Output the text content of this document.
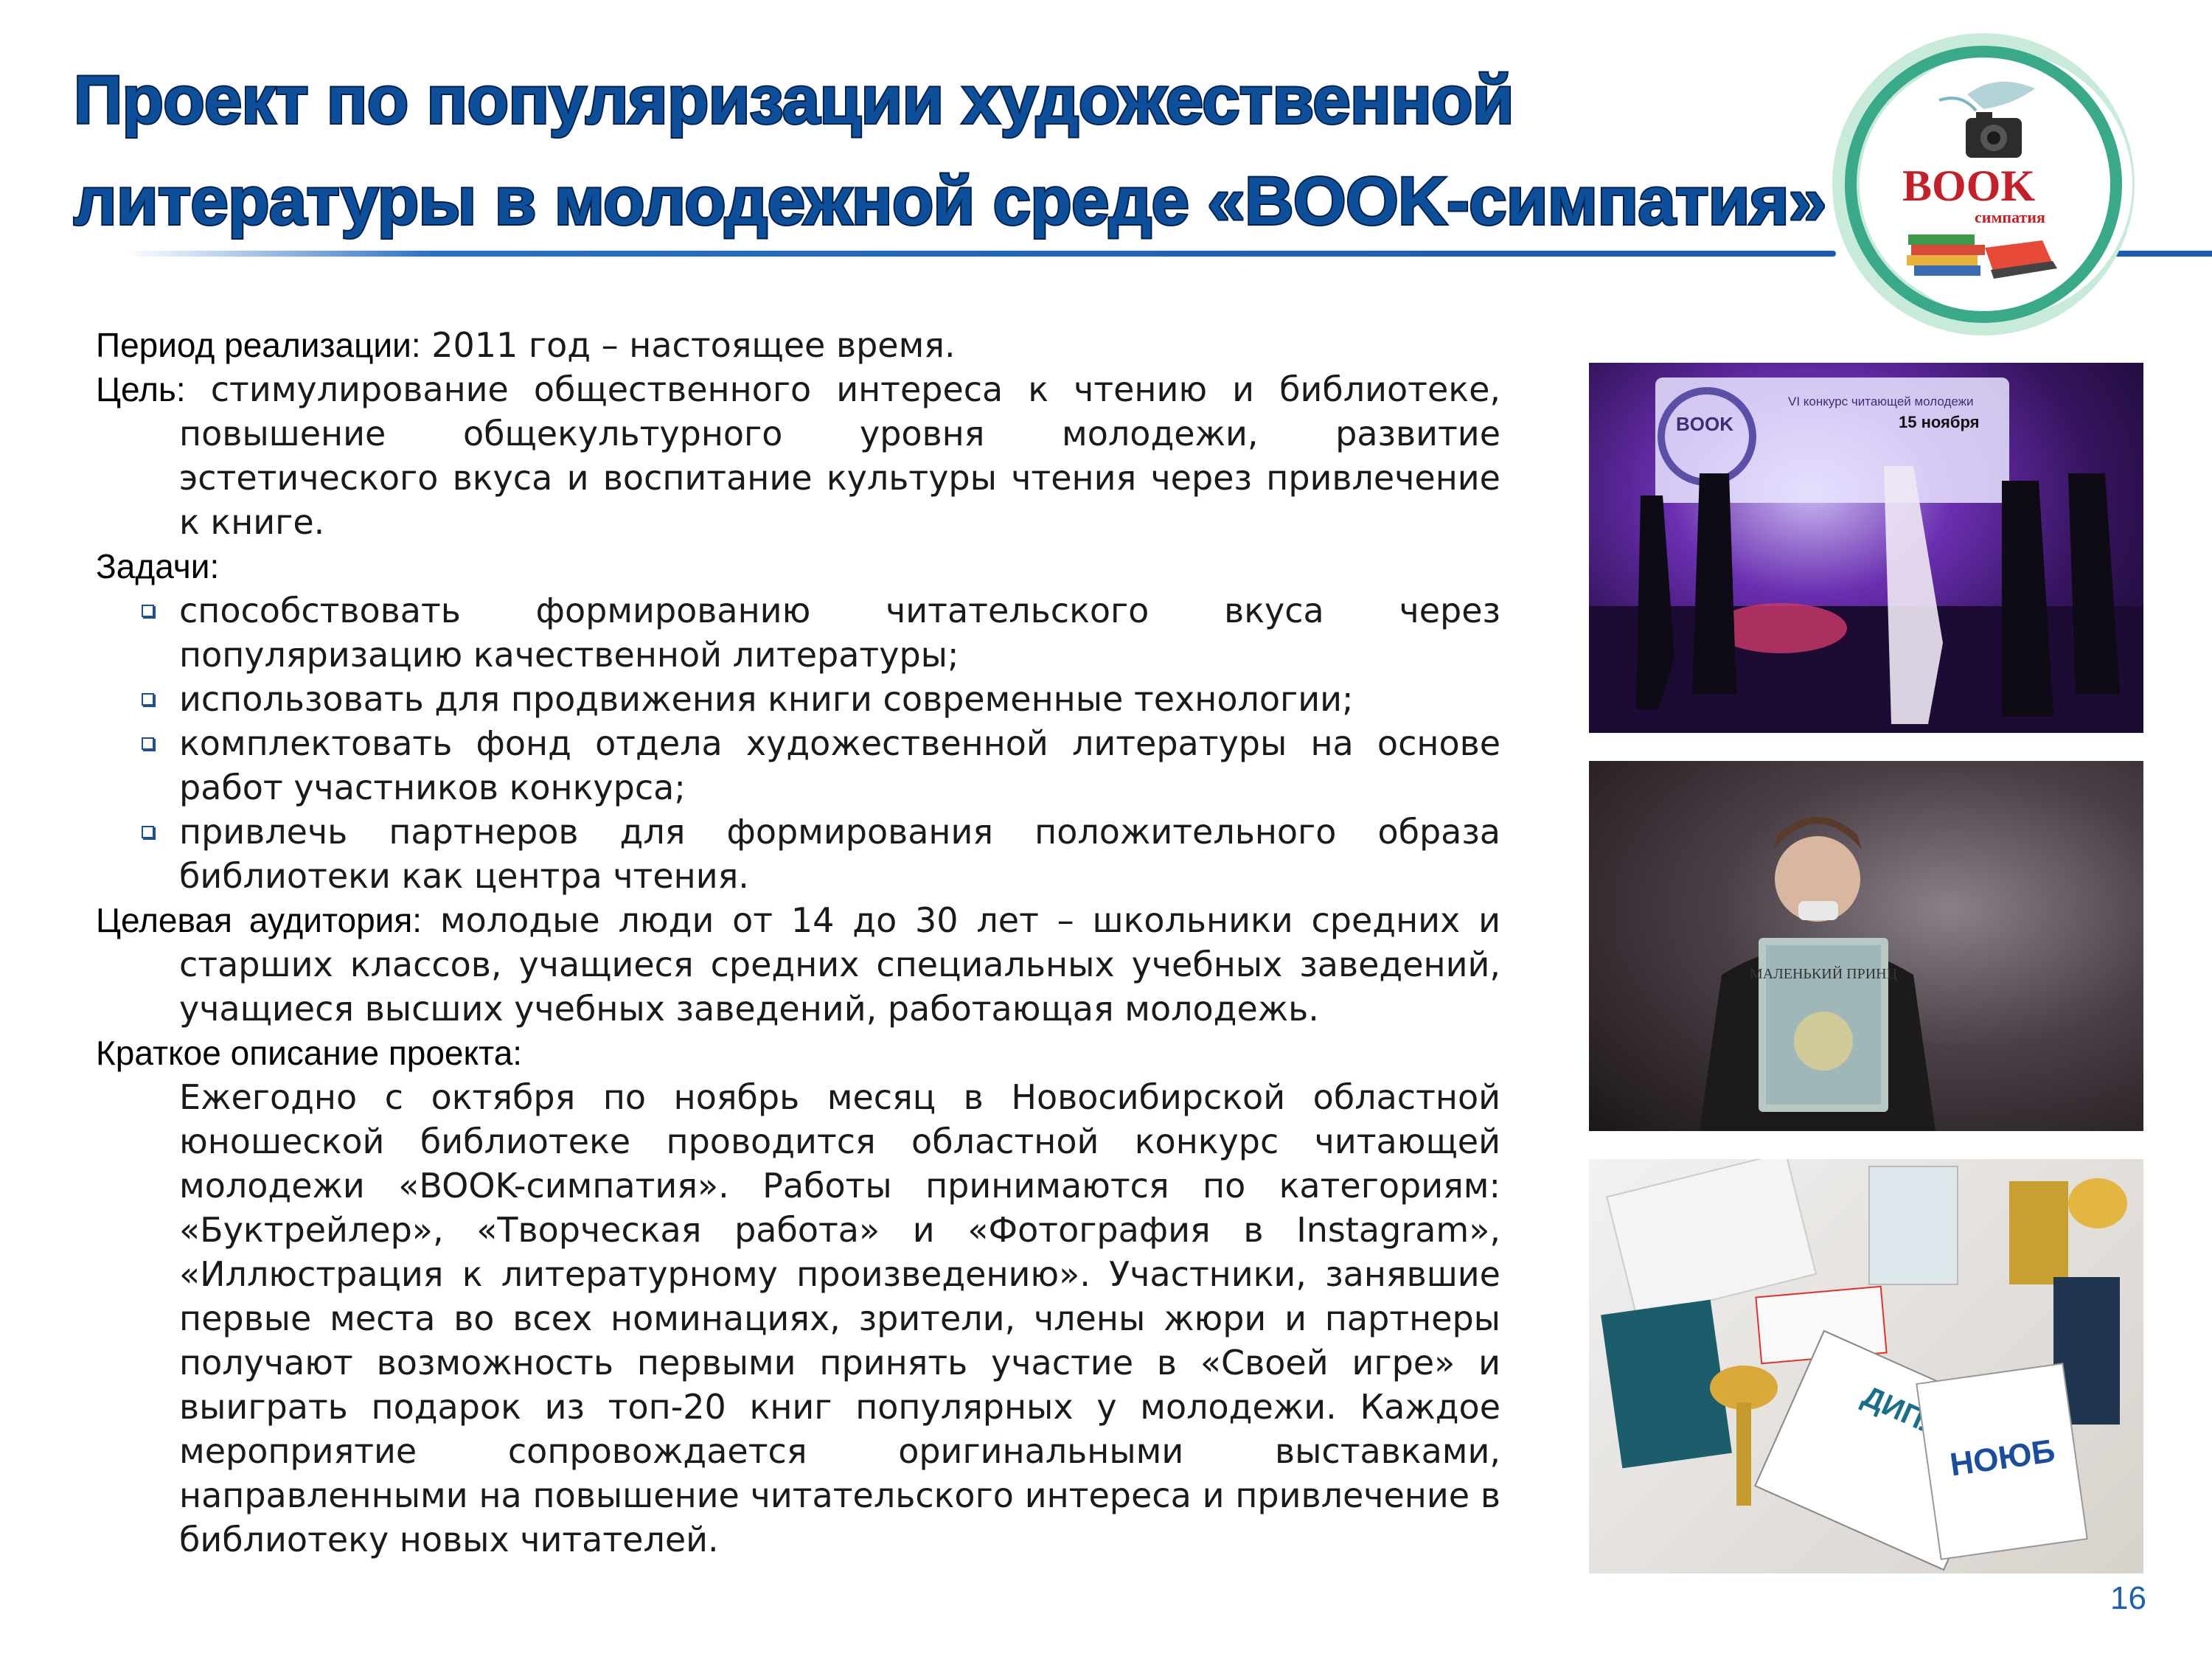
Проект по популяризации художественной
литературы в молодежной среде «BOOK-симпатия»	BOOK
симпатия

Период реализации: 2011 год – настоящее время.

Цель: стимулирование общественного интереса к чтению и библиотеке, повышение общекультурного уровня молодежи, развитие эстетического вкуса и воспитание культуры чтения через привлечение к книге.

Задачи:

способствовать формированию читательского вкуса через популяризацию качественной литературы;
использовать для продвижения книги современные технологии;
комплектовать фонд отдела художественной литературы на основе работ участников конкурса;
привлечь партнеров для формирования положительного образа библиотеки как центра чтения.

Целевая аудитория: молодые люди от 14 до 30 лет – школьники средних и старших классов, учащиеся средних специальных учебных заведений, учащиеся высших учебных заведений, работающая молодежь.

Краткое описание проекта:

Ежегодно с октября по ноябрь месяц в Новосибирской областной юношеской библиотеке проводится областной конкурс читающей молодежи «BOOK-симпатия». Работы принимаются по категориям: «Буктрейлер», «Творческая работа» и «Фотография в Instagram», «Иллюстрация к литературному произведению». Участники, занявшие первые места во всех номинациях, зрители, члены жюри и партнеры получают возможность первыми принять участие в «Своей игре» и выиграть подарок из топ-20 книг популярных у молодежи. Каждое мероприятие сопровождается оригинальными выставками, направленными на повышение читательского интереса и привлечение в библиотеку новых читателей.

BOOK
VI конкурс читающей молодежи
15 ноября
МАЛЕНЬКИЙ ПРИНЦ
НОЮБ
16
